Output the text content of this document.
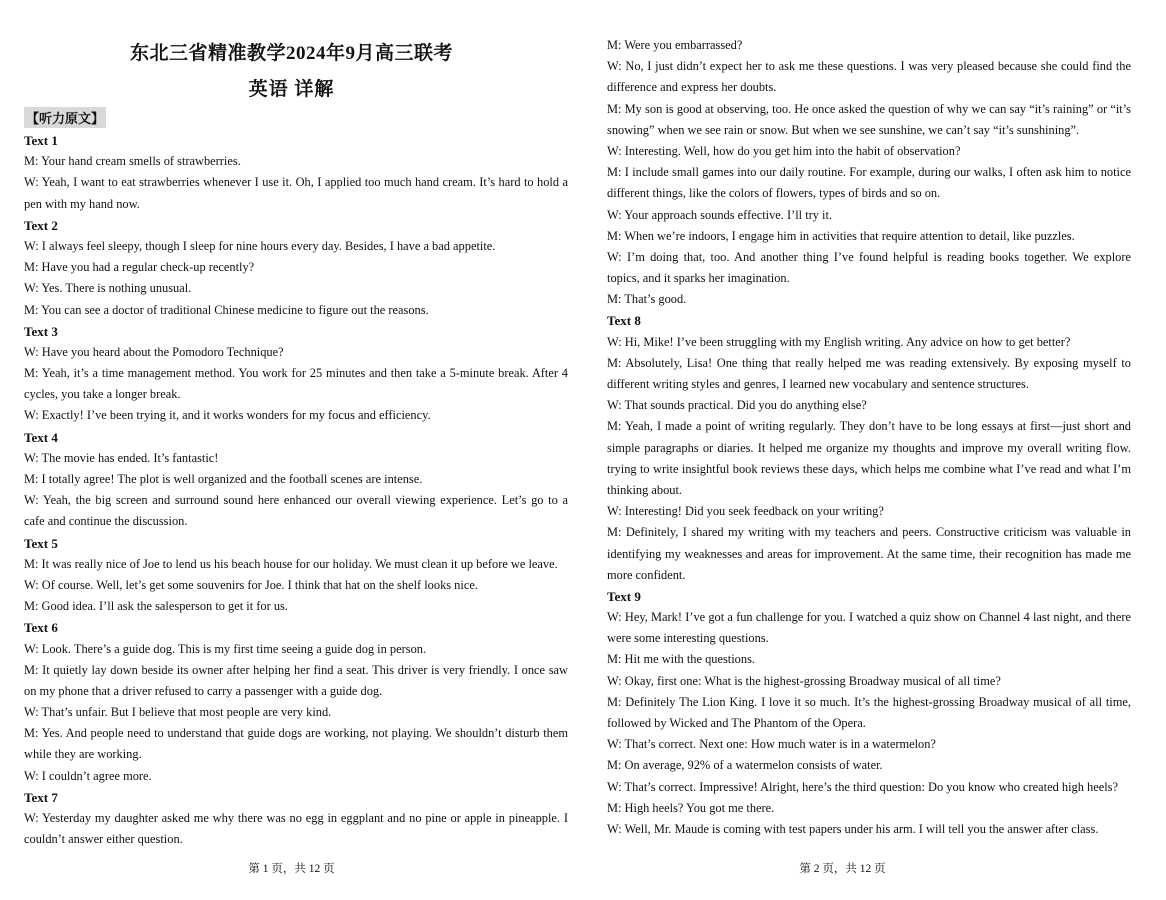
东北三省精准教学2024年9月高三联考
英语 详解
【听力原文】
Text 1
M: Your hand cream smells of strawberries.
W: Yeah, I want to eat strawberries whenever I use it. Oh, I applied too much hand cream. It’s hard to hold a
pen with my hand now.
Text 2
W: I always feel sleepy, though I sleep for nine hours every day. Besides, I have a bad appetite.
M: Have you had a regular check-up recently?
W: Yes. There is nothing unusual.
M: You can see a doctor of traditional Chinese medicine to figure out the reasons.
Text 3
W: Have you heard about the Pomodoro Technique?
M: Yeah, it’s a time management method. You work for 25 minutes and then take a 5-minute break. After 4
cycles, you take a longer break.
W: Exactly! I’ve been trying it, and it works wonders for my focus and efficiency.
Text 4
W: The movie has ended. It’s fantastic!
M: I totally agree! The plot is well organized and the football scenes are intense.
W: Yeah, the big screen and surround sound here enhanced our overall viewing experience. Let’s go to a
cafe and continue the discussion.
Text 5
M: It was really nice of Joe to lend us his beach house for our holiday. We must clean it up before we leave.
W: Of course. Well, let’s get some souvenirs for Joe. I think that hat on the shelf looks nice.
M: Good idea. I’ll ask the salesperson to get it for us.
Text 6
W: Look. There’s a guide dog. This is my first time seeing a guide dog in person.
M: It quietly lay down beside its owner after helping her find a seat. This driver is very friendly. I once saw
on my phone that a driver refused to carry a passenger with a guide dog.
W: That’s unfair. But I believe that most people are very kind.
M: Yes. And people need to understand that guide dogs are working, not playing. We shouldn’t disturb them
while they are working.
W: I couldn’t agree more.
Text 7
W: Yesterday my daughter asked me why there was no egg in eggplant and no pine or apple in pineapple. I
couldn’t answer either question.
第 1 页，共 12 页
M: Were you embarrassed?
W: No, I just didn’t expect her to ask me these questions. I was very pleased because she could find the
difference and express her doubts.
M: My son is good at observing, too. He once asked the question of why we can say “it’s raining” or “it’s
snowing” when we see rain or snow. But when we see sunshine, we can’t say “it’s sunshining”.
W: Interesting. Well, how do you get him into the habit of observation?
M: I include small games into our daily routine. For example, during our walks, I often ask him to notice
different things, like the colors of flowers, types of birds and so on.
W: Your approach sounds effective. I’ll try it.
M: When we’re indoors, I engage him in activities that require attention to detail, like puzzles.
W: I’m doing that, too. And another thing I’ve found helpful is reading books together. We explore
topics, and it sparks her imagination.
M: That’s good.
Text 8
W: Hi, Mike! I’ve been struggling with my English writing. Any advice on how to get better?
M: Absolutely, Lisa! One thing that really helped me was reading extensively. By exposing myself to
different writing styles and genres, I learned new vocabulary and sentence structures.
W: That sounds practical. Did you do anything else?
M: Yeah, I made a point of writing regularly. They don’t have to be long essays at first—just short and
simple paragraphs or diaries. It helped me organize my thoughts and improve my overall writing flow.
trying to write insightful book reviews these days, which helps me combine what I’ve read and what I’m
thinking about.
W: Interesting! Did you seek feedback on your writing?
M: Definitely, I shared my writing with my teachers and peers. Constructive criticism was valuable in
identifying my weaknesses and areas for improvement. At the same time, their recognition has made me
more confident.
Text 9
W: Hey, Mark! I’ve got a fun challenge for you. I watched a quiz show on Channel 4 last night, and there
were some interesting questions.
M: Hit me with the questions.
W: Okay, first one: What is the highest-grossing Broadway musical of all time?
M: Definitely The Lion King. I love it so much. It’s the highest-grossing Broadway musical of all time,
followed by Wicked and The Phantom of the Opera.
W: That’s correct. Next one: How much water is in a watermelon?
M: On average, 92% of a watermelon consists of water.
W: That’s correct. Impressive! Alright, here’s the third question: Do you know who created high heels?
M: High heels? You got me there.
W: Well, Mr. Maude is coming with test papers under his arm. I will tell you the answer after class.
第 2 页，共 12 页
